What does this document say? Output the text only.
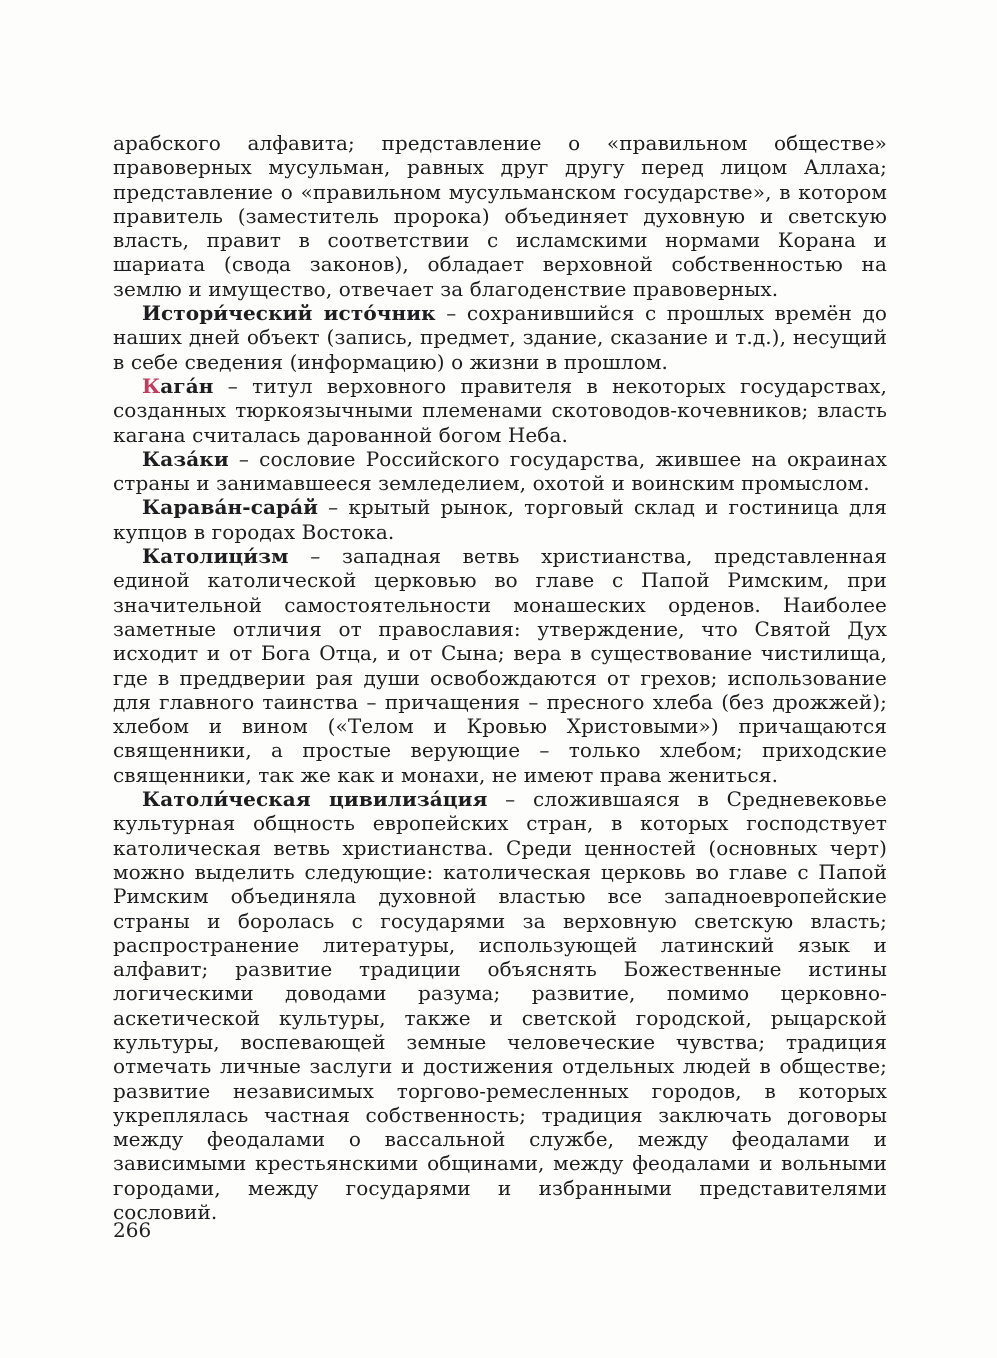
арабского алфавита; представление о «правильном обществе» правоверных мусульман, равных друг другу перед лицом Аллаха; представление о «правильном мусульманском государстве», в котором правитель (заместитель пророка) объединяет духовную и светскую власть, правит в соответствии с исламскими нормами Корана и шариата (свода законов), обладает верховной собственностью на землю и имущество, отвечает за благоденствие правоверных.

Истори́ческий исто́чник – сохранившийся с прошлых времён до наших дней объект (запись, предмет, здание, сказание и т.д.), несущий в себе сведения (информацию) о жизни в прошлом.

Кага́н – титул верховного правителя в некоторых государствах, созданных тюркоязычными племенами скотоводов-кочевников; власть кагана считалась дарованной богом Неба.

Каза́ки – сословие Российского государства, жившее на окраинах страны и занимавшееся земледелием, охотой и воинским промыслом.

Карава́н-сара́й – крытый рынок, торговый склад и гостиница для купцов в городах Востока.

Католици́зм – западная ветвь христианства, представленная единой католической церковью во главе с Папой Римским, при значительной самостоятельности монашеских орденов. Наиболее заметные отличия от православия: утверждение, что Святой Дух исходит и от Бога Отца, и от Сына; вера в существование чистилища, где в преддверии рая души освобождаются от грехов; использование для главного таинства – причащения – пресного хлеба (без дрожжей); хлебом и вином («Телом и Кровью Христовыми») причащаются священники, а простые верующие – только хлебом; приходские священники, так же как и монахи, не имеют права жениться.

Католи́ческая цивилиза́ция – сложившаяся в Средневековье культурная общность европейских стран, в которых господствует католическая ветвь христианства. Среди ценностей (основных черт) можно выделить следующие: католическая церковь во главе с Папой Римским объединяла духовной властью все западноевропейские страны и боролась с государями за верховную светскую власть; распространение литературы, использующей латинский язык и алфавит; развитие традиции объяснять Божественные истины логическими доводами разума; развитие, помимо церковно-аскетической культуры, также и светской городской, рыцарской культуры, воспевающей земные человеческие чувства; традиция отмечать личные заслуги и достижения отдельных людей в обществе; развитие независимых торгово-ремесленных городов, в которых укреплялась частная собственность; традиция заключать договоры между феодалами о вассальной службе, между феодалами и зависимыми крестьянскими общинами, между феодалами и вольными городами, между государями и избранными представителями сословий.

266
